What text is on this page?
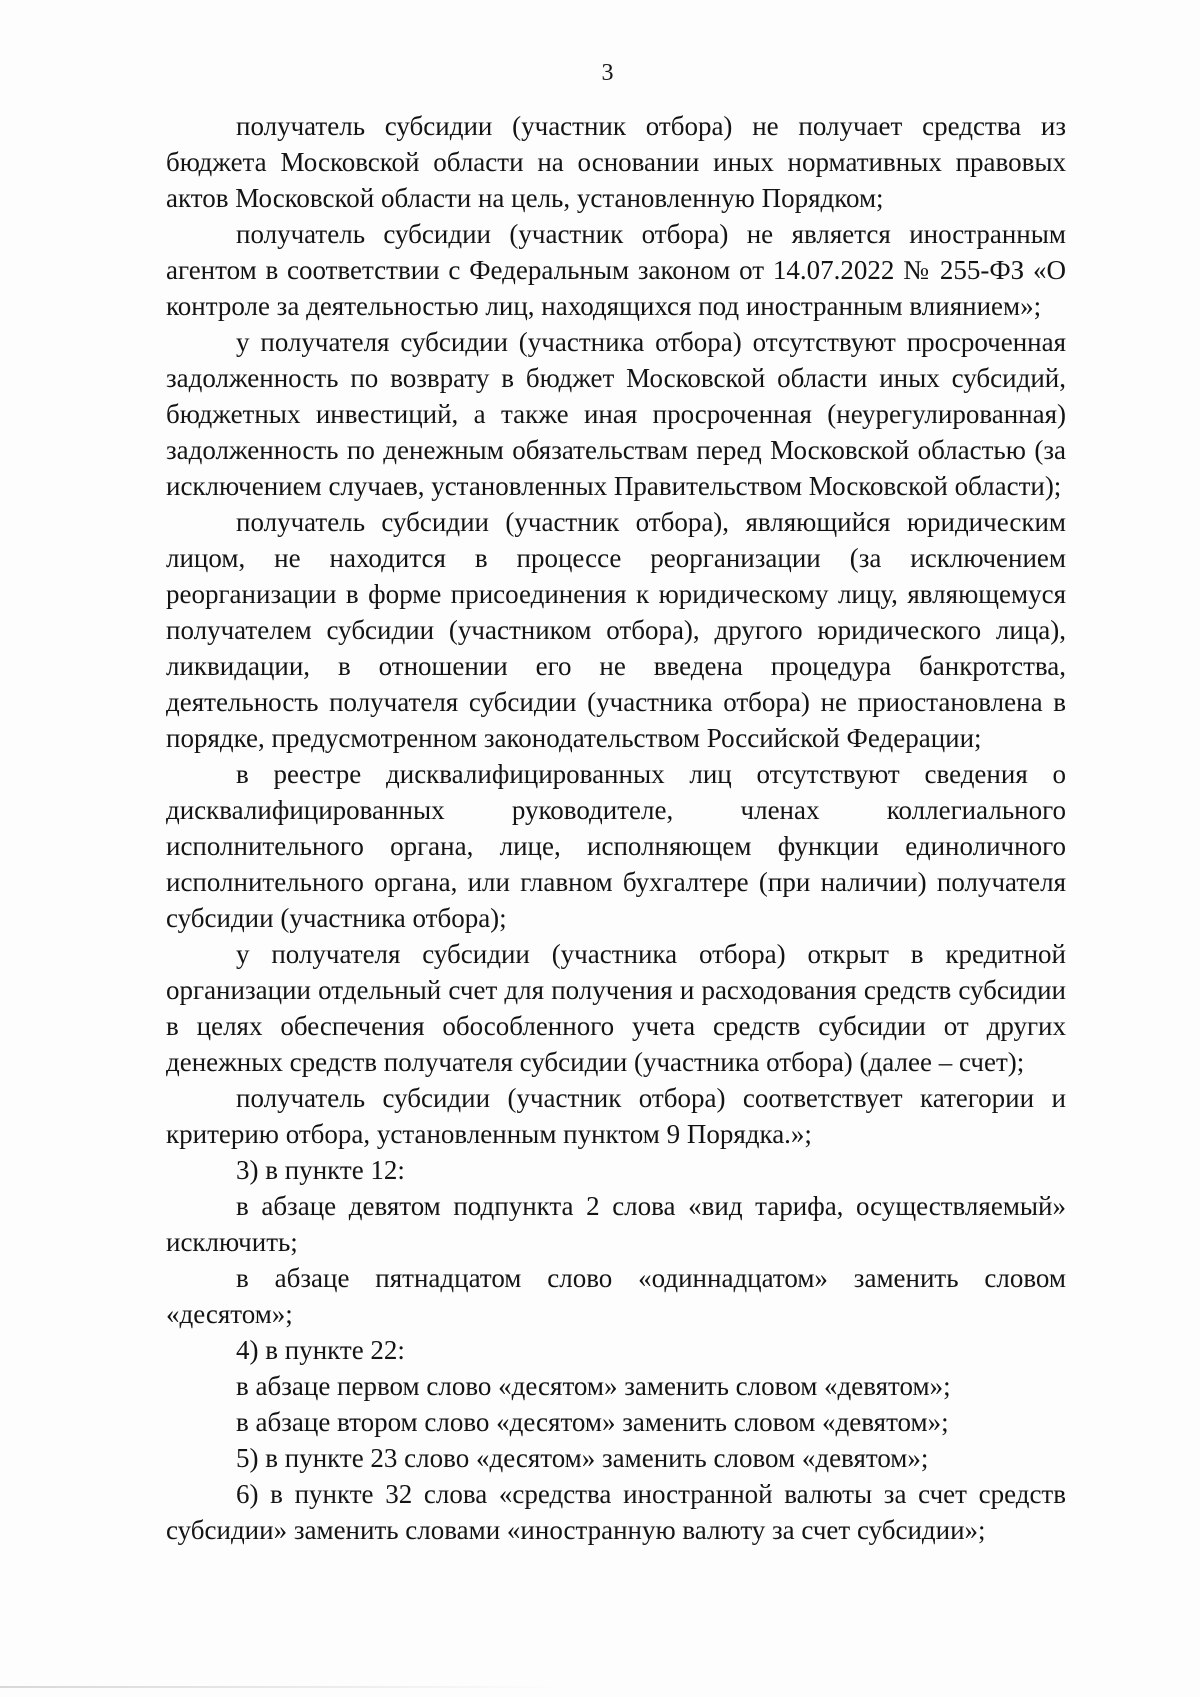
3

получатель субсидии (участник отбора) не получает средства из бюджета Московской области на основании иных нормативных правовых актов Московской области на цель, установленную Порядком;

получатель субсидии (участник отбора) не является иностранным агентом в соответствии с Федеральным законом от 14.07.2022 № 255-ФЗ «О контроле за деятельностью лиц, находящихся под иностранным влиянием»;

у получателя субсидии (участника отбора) отсутствуют просроченная задолженность по возврату в бюджет Московской области иных субсидий, бюджетных инвестиций, а также иная просроченная (неурегулированная) задолженность по денежным обязательствам перед Московской областью (за исключением случаев, установленных Правительством Московской области);

получатель субсидии (участник отбора), являющийся юридическим лицом, не находится в процессе реорганизации (за исключением реорганизации в форме присоединения к юридическому лицу, являющемуся получателем субсидии (участником отбора), другого юридического лица), ликвидации, в отношении его не введена процедура банкротства, деятельность получателя субсидии (участника отбора) не приостановлена в порядке, предусмотренном законодательством Российской Федерации;

в реестре дисквалифицированных лиц отсутствуют сведения о дисквалифицированных руководителе, членах коллегиального исполнительного органа, лице, исполняющем функции единоличного исполнительного органа, или главном бухгалтере (при наличии) получателя субсидии (участника отбора);

у получателя субсидии (участника отбора) открыт в кредитной организации отдельный счет для получения и расходования средств субсидии в целях обеспечения обособленного учета средств субсидии от других денежных средств получателя субсидии (участника отбора) (далее – счет);

получатель субсидии (участник отбора) соответствует категории и критерию отбора, установленным пунктом 9 Порядка.»;

3) в пункте 12:

в абзаце девятом подпункта 2 слова «вид тарифа, осуществляемый» исключить;

в абзаце пятнадцатом слово «одиннадцатом» заменить словом «десятом»;

4) в пункте 22:

в абзаце первом слово «десятом» заменить словом «девятом»;

в абзаце втором слово «десятом» заменить словом «девятом»;

5) в пункте 23 слово «десятом» заменить словом «девятом»;

6) в пункте 32 слова «средства иностранной валюты за счет средств субсидии» заменить словами «иностранную валюту за счет субсидии»;
